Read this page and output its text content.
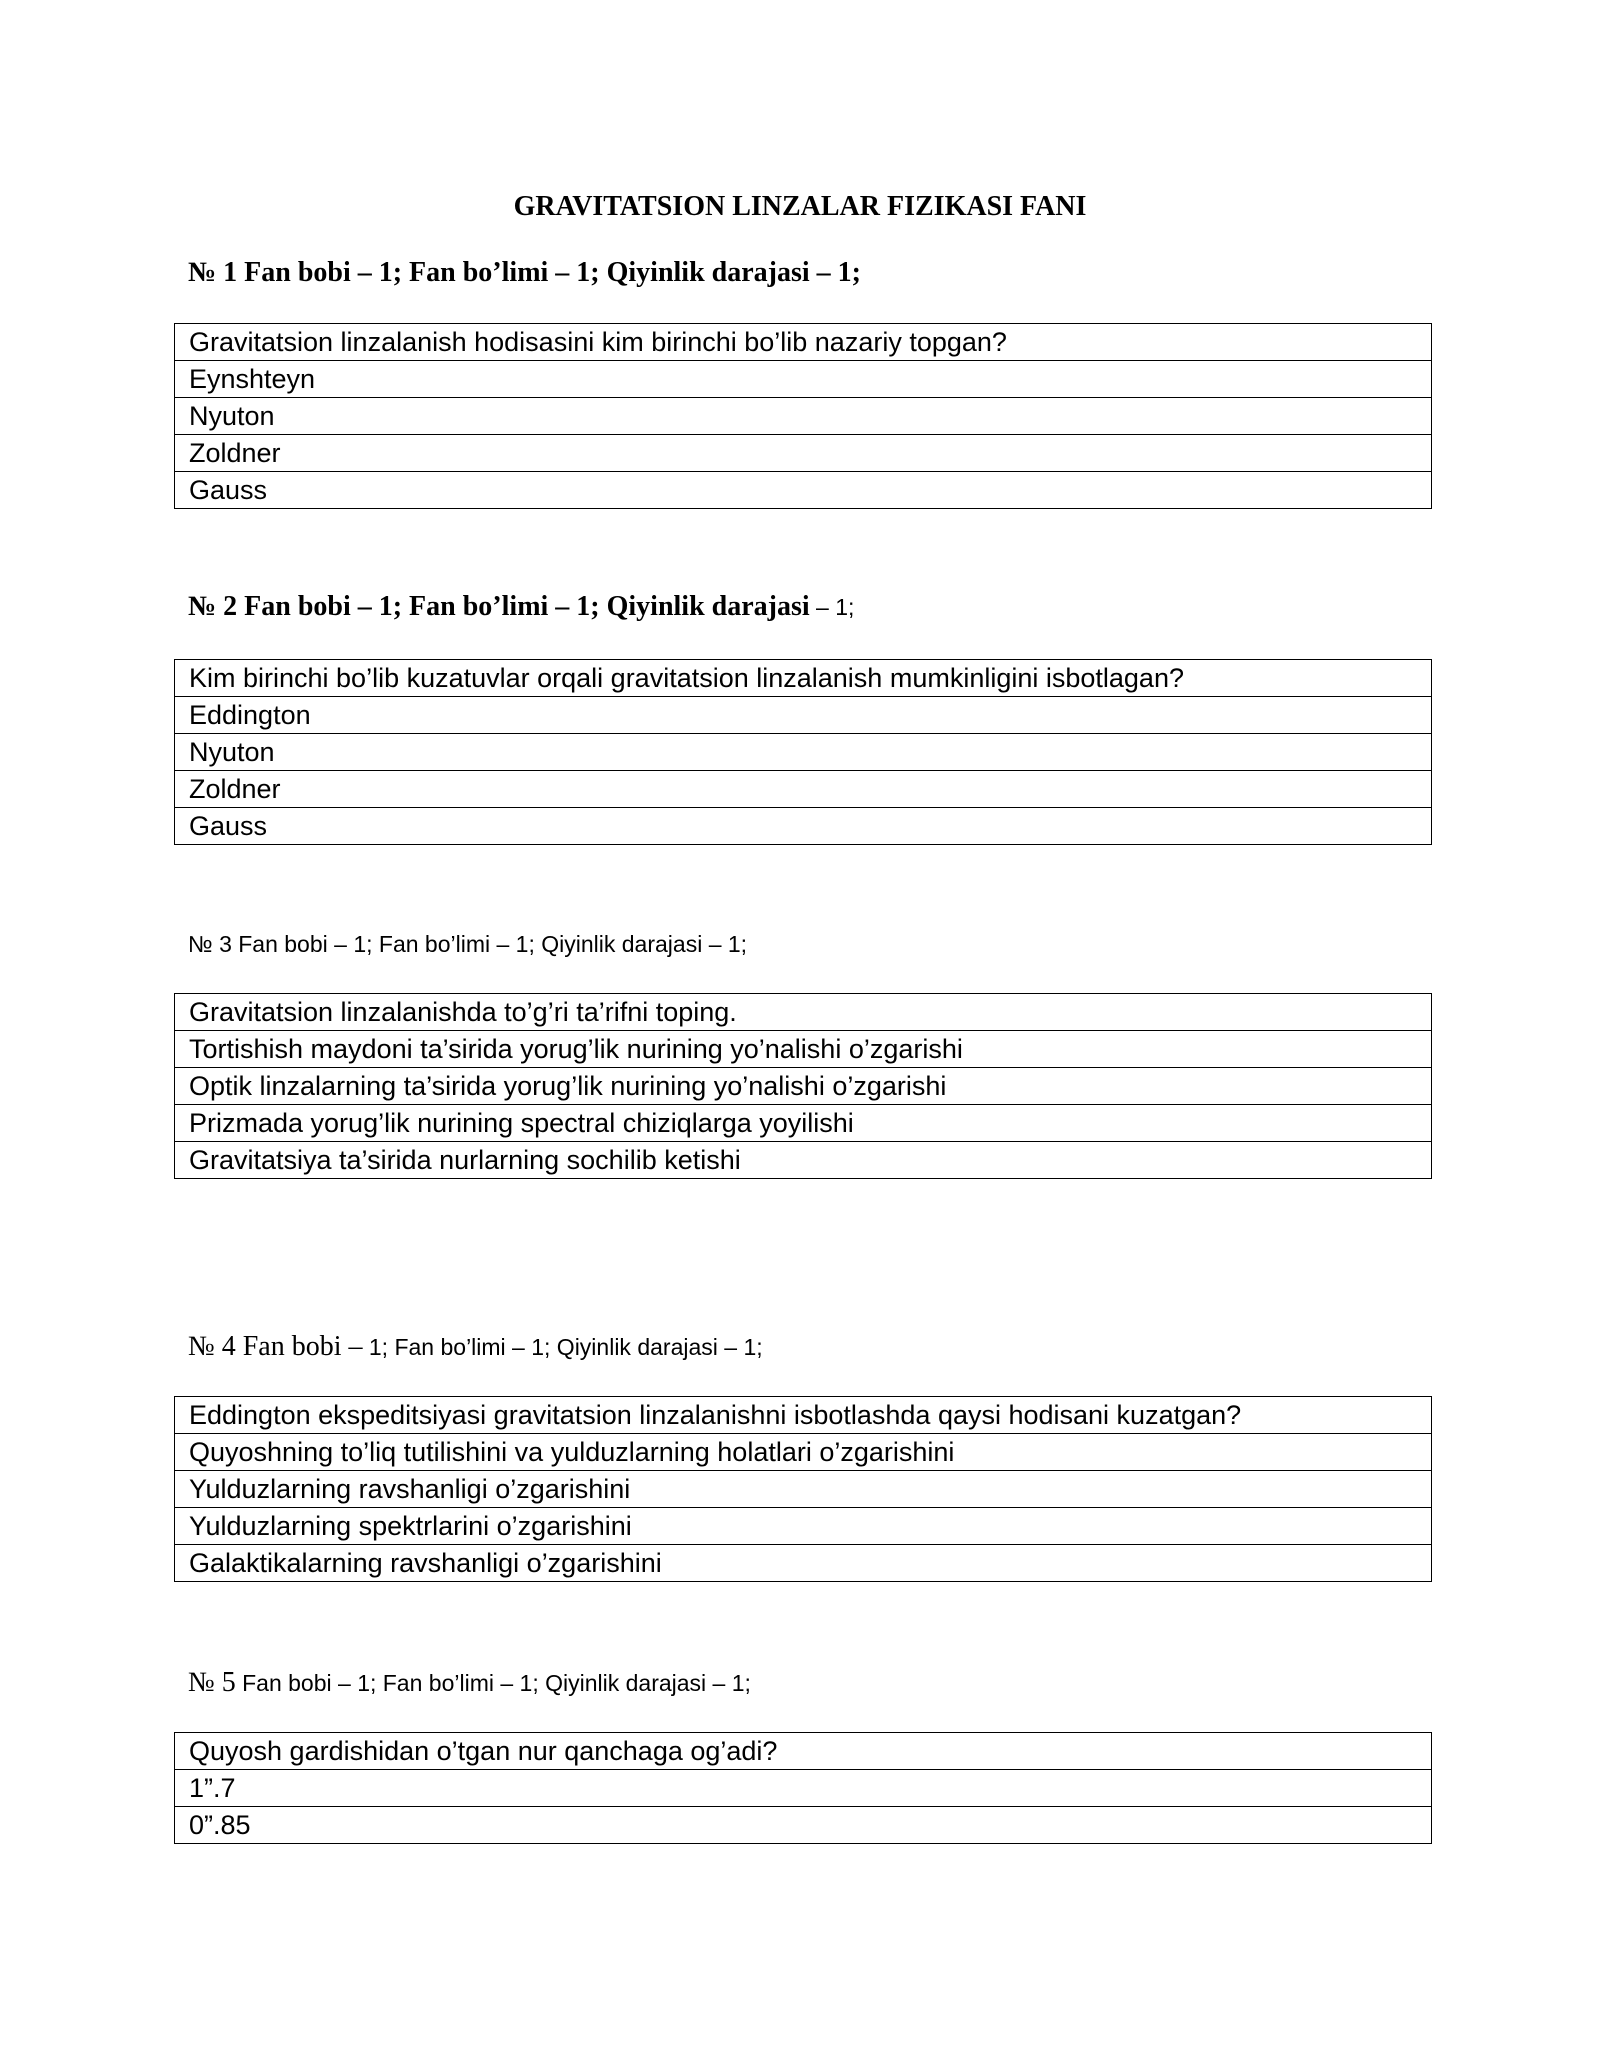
GRAVITATSION LINZALAR FIZIKASI FANI

№ 1 Fan bobi – 1; Fan bo’limi – 1; Qiyinlik darajasi – 1;

Gravitatsion linzalanish hodisasini kim birinchi bo’lib nazariy topgan?
Eynshteyn
Nyuton
Zoldner
Gauss

№ 2 Fan bobi – 1; Fan bo’limi – 1; Qiyinlik darajasi – 1;

Kim birinchi bo’lib kuzatuvlar orqali gravitatsion linzalanish mumkinligini isbotlagan?
Eddington
Nyuton
Zoldner
Gauss

№ 3 Fan bobi – 1; Fan bo’limi – 1; Qiyinlik darajasi – 1;

Gravitatsion linzalanishda to’g’ri ta’rifni toping.
Tortishish maydoni ta’sirida yorug’lik nurining yo’nalishi o’zgarishi
Optik linzalarning ta’sirida yorug’lik nurining yo’nalishi o’zgarishi
Prizmada yorug’lik nurining spectral chiziqlarga yoyilishi
Gravitatsiya ta’sirida nurlarning sochilib ketishi

№ 4 Fan bobi – 1; Fan bo’limi – 1; Qiyinlik darajasi – 1;

Eddington ekspeditsiyasi gravitatsion linzalanishni isbotlashda qaysi hodisani kuzatgan?
Quyoshning to’liq tutilishini va yulduzlarning holatlari o’zgarishini
Yulduzlarning ravshanligi o’zgarishini
Yulduzlarning spektrlarini o’zgarishini
Galaktikalarning ravshanligi o’zgarishini

№ 5 Fan bobi – 1; Fan bo’limi – 1; Qiyinlik darajasi – 1;

Quyosh gardishidan o’tgan nur qanchaga og’adi?
1”.7
0”.85
